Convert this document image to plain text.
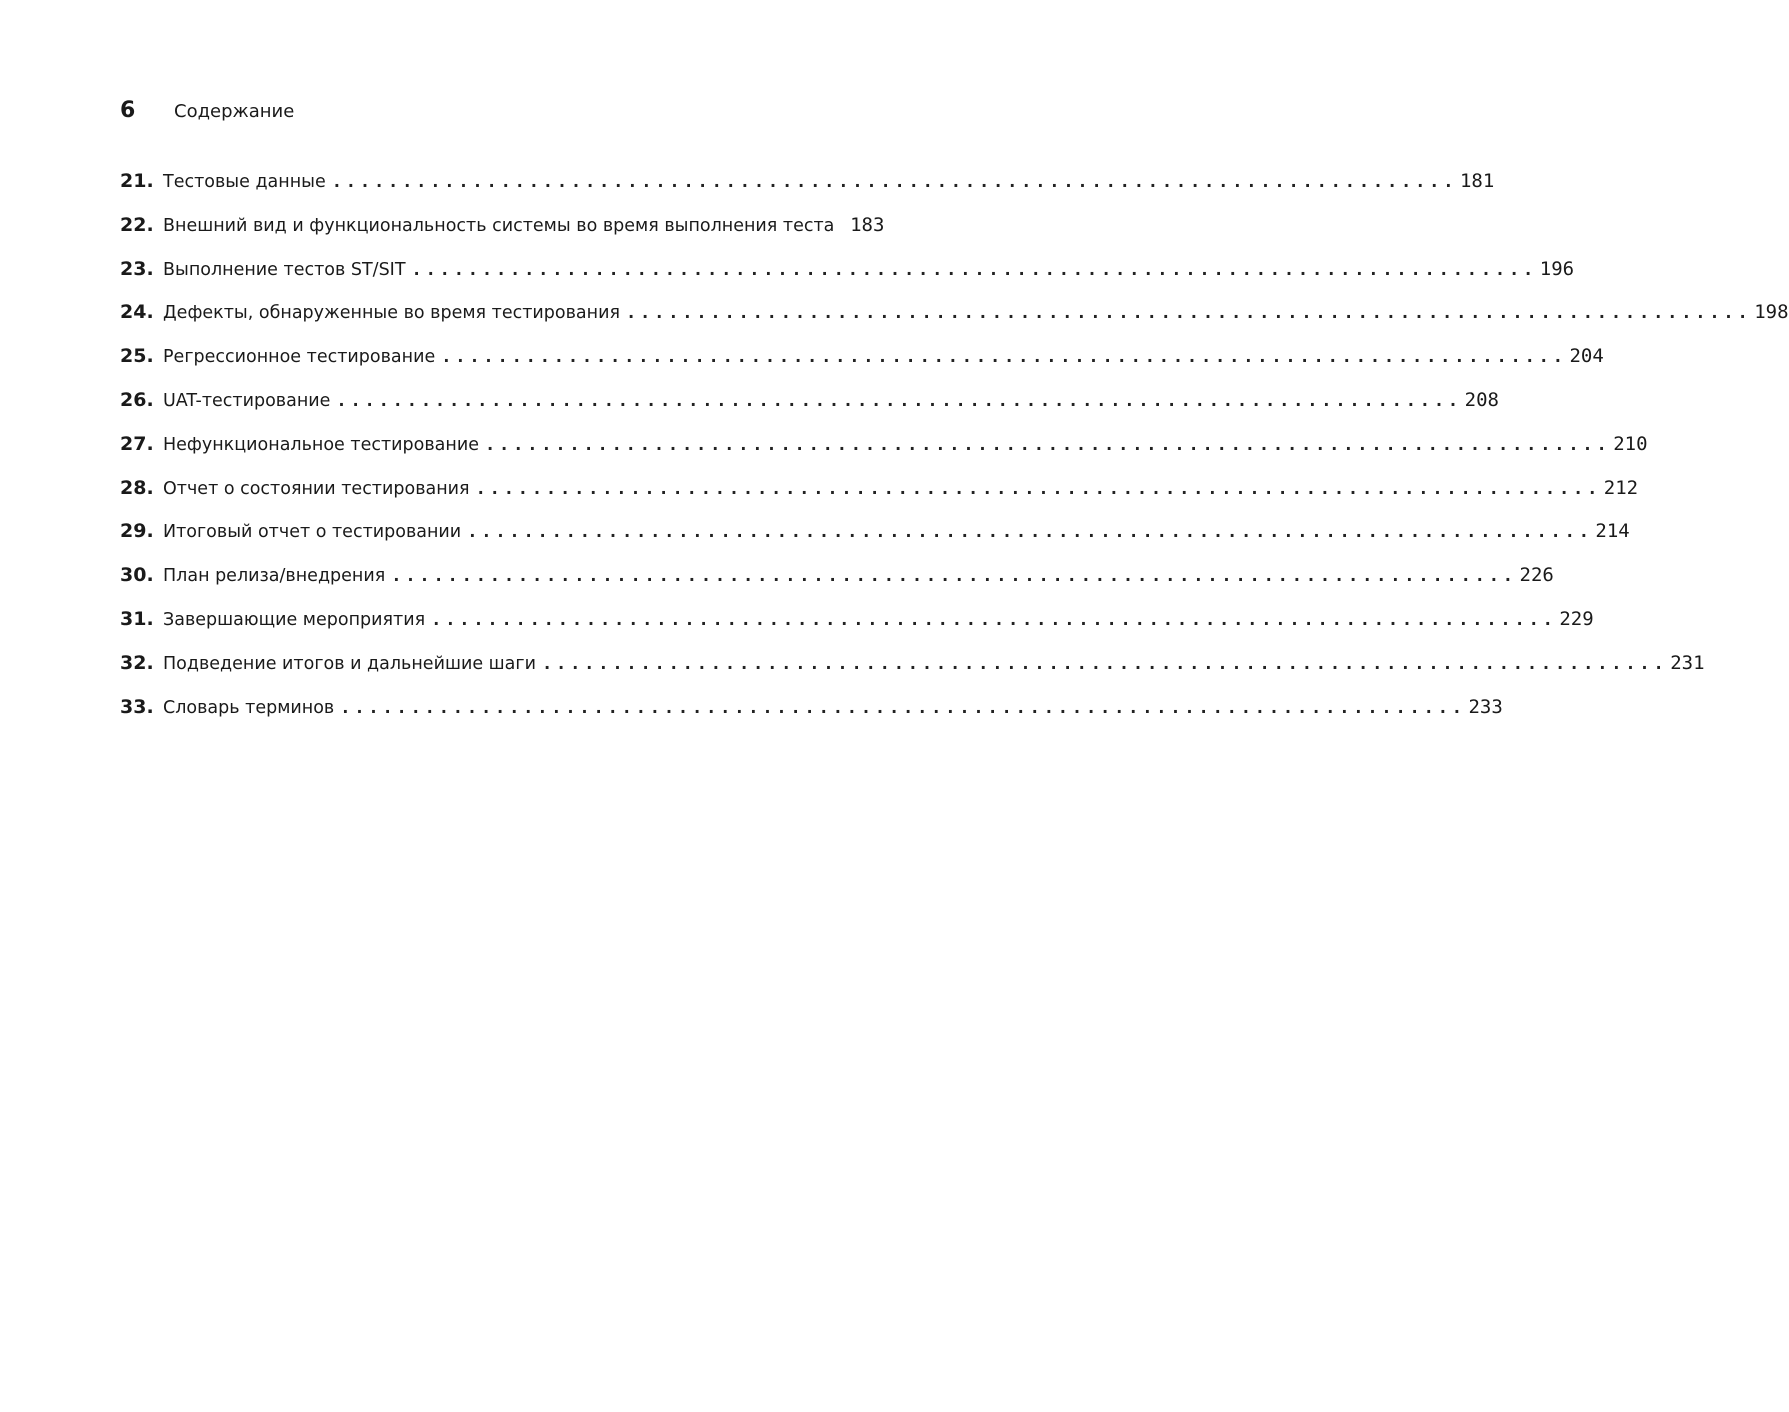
6	Содержание
21. Тестовые данные . . .	181
22. Внешний вид и функциональность системы во время выполнения теста 183
23. Выполнение тестов ST/SIT . . .	196
24. Дефекты, обнаруженные во время тестирования . . .	198
25. Регрессионное тестирование . . .	204
26. UAT-тестирование . . .	208
27. Нефункциональное тестирование . . .	210
28. Отчет о состоянии тестирования . . .	212
29. Итоговый отчет о тестировании . . .	214
30. План релиза/внедрения . . .	226
31. Завершающие мероприятия . . .	229
32. Подведение итогов и дальнейшие шаги . . .	231
33. Словарь терминов . . .	233
